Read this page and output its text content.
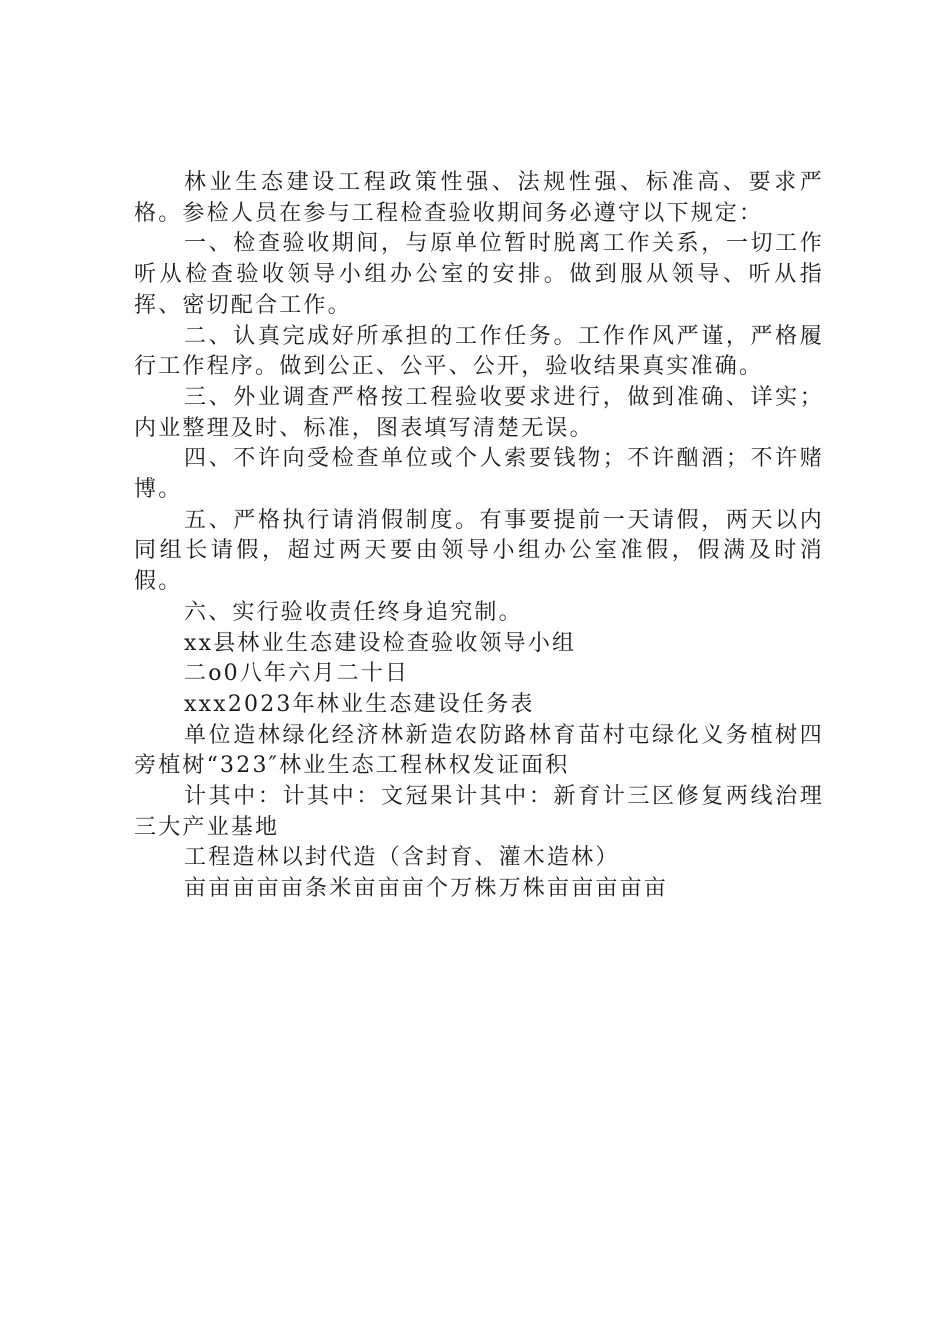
林业生态建设工程政策性强、法规性强、标准高、要求严格。参检人员在参与工程检查验收期间务必遵守以下规定：

一、检查验收期间，与原单位暂时脱离工作关系，一切工作听从检查验收领导小组办公室的安排。做到服从领导、听从指挥、密切配合工作。

二、认真完成好所承担的工作任务。工作作风严谨，严格履行工作程序。做到公正、公平、公开，验收结果真实准确。

三、外业调查严格按工程验收要求进行，做到准确、详实；内业整理及时、标准，图表填写清楚无误。

四、不许向受检查单位或个人索要钱物；不许酗酒；不许赌博。

五、严格执行请消假制度。有事要提前一天请假，两天以内同组长请假，超过两天要由领导小组办公室准假，假满及时消假。

六、实行验收责任终身追究制。

xx县林业生态建设检查验收领导小组

二o0八年六月二十日

xxx2023年林业生态建设任务表

单位造林绿化经济林新造农防路林育苗村屯绿化义务植树四旁植树“323″林业生态工程林权发证面积

计其中：计其中：文冠果计其中：新育计三区修复两线治理三大产业基地

工程造林以封代造（含封育、灌木造林）

亩亩亩亩亩条米亩亩亩个万株万株亩亩亩亩亩
